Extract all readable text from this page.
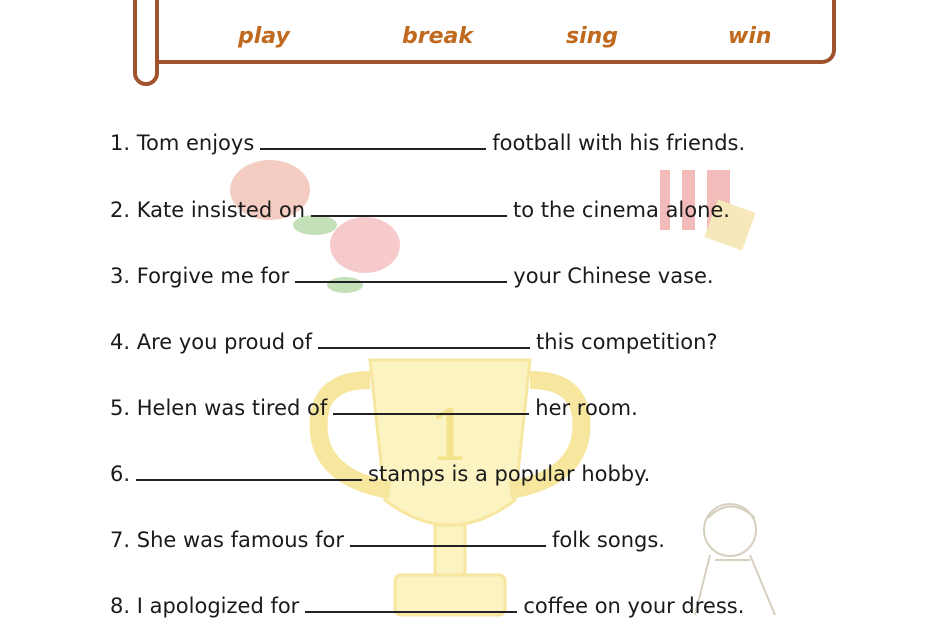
1
play	break	sing	win
1. Tom enjoys	football with his friends.
2. Kate insisted on	to the cinema alone.
3. Forgive me for	your Chinese vase.
4. Are you proud of	this competition?
5. Helen was tired of	her room.
6.	stamps is a popular hobby.
7. She was famous for	folk songs.
8. I apologized for	coffee on your dress.
